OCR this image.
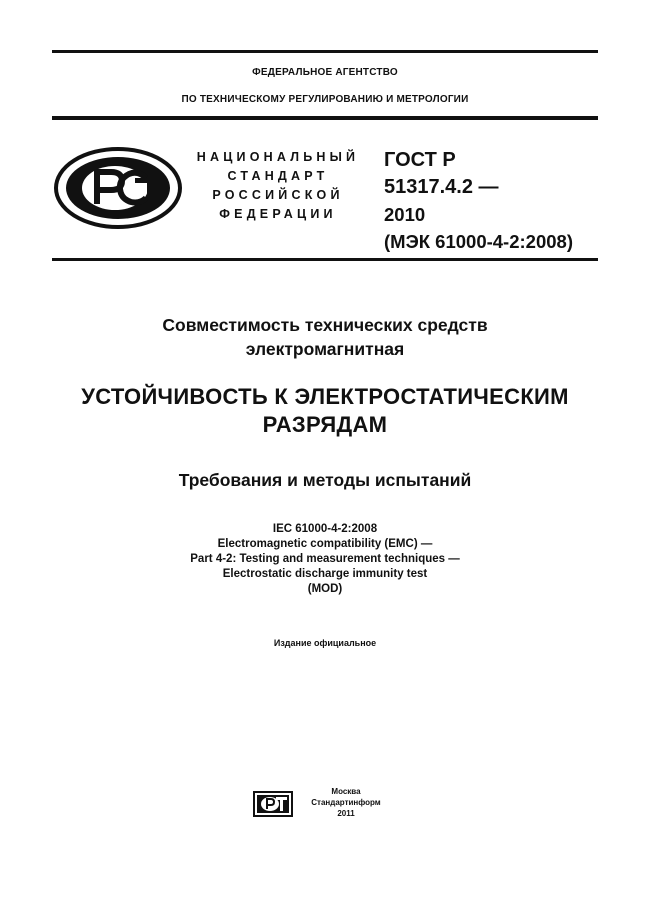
ФЕДЕРАЛЬНОЕ АГЕНТСТВО
ПО ТЕХНИЧЕСКОМУ РЕГУЛИРОВАНИЮ И МЕТРОЛОГИИ
НАЦИОНАЛЬНЫЙ
СТАНДАРТ
РОССИЙСКОЙ
ФЕДЕРАЦИИ
ГОСТ Р
51317.4.2 —
2010
(МЭК 61000-4-2:2008)
Совместимость технических средств
электромагнитная
УСТОЙЧИВОСТЬ К ЭЛЕКТРОСТАТИЧЕСКИМ
РАЗРЯДАМ
Требования и методы испытаний
IEC 61000-4-2:2008
Electromagnetic compatibility (EMC) —
Part 4-2: Testing and measurement techniques —
Electrostatic discharge immunity test
(MOD)
Издание официальное
Москва
Стандартинформ
2011
